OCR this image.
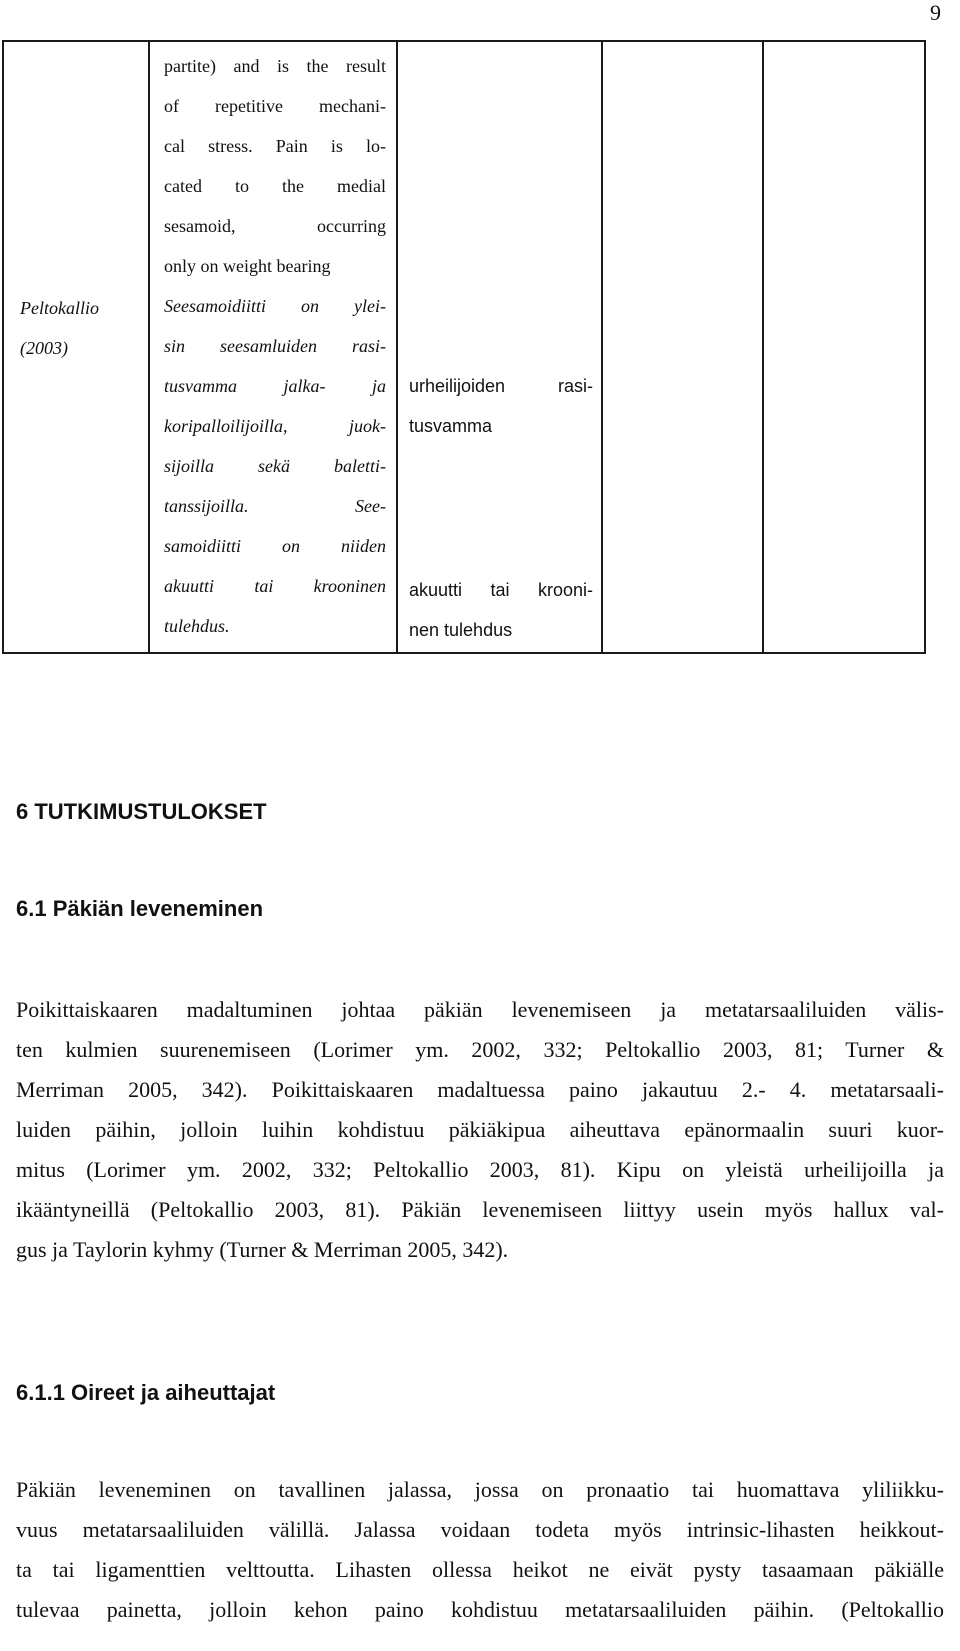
9
Peltokallio
(2003)
partite) and is the result
of repetitive mechani-
cal stress. Pain is lo-
cated to the medial
sesamoid, occurring
only on weight bearing
Seesamoidiitti on ylei-
sin seesamluiden rasi-
tusvamma jalka- ja
koripalloilijoilla, juok-
sijoilla sekä baletti-
tanssijoilla. See-
samoidiitti on niiden
akuutti tai krooninen
tulehdus.
urheilijoiden rasi-
tusvamma
akuutti tai krooni-
nen tulehdus
6 TUTKIMUSTULOKSET
6.1 Päkiän leveneminen
Poikittaiskaaren madaltuminen johtaa päkiän levenemiseen ja metatarsaaliluiden välis-
ten kulmien suurenemiseen (Lorimer ym. 2002, 332; Peltokallio 2003, 81; Turner &
Merriman 2005, 342). Poikittaiskaaren madaltuessa paino jakautuu 2.- 4. metatarsaali-
luiden päihin, jolloin luihin kohdistuu päkiäkipua aiheuttava epänormaalin suuri kuor-
mitus (Lorimer ym. 2002, 332; Peltokallio 2003, 81). Kipu on yleistä urheilijoilla ja
ikääntyneillä (Peltokallio 2003, 81). Päkiän levenemiseen liittyy usein myös hallux val-
gus ja Taylorin kyhmy (Turner & Merriman 2005, 342).
6.1.1 Oireet ja aiheuttajat
Päkiän leveneminen on tavallinen jalassa, jossa on pronaatio tai huomattava yliliikku-
vuus metatarsaaliluiden välillä. Jalassa voidaan todeta myös intrinsic-lihasten heikkout-
ta tai ligamenttien velttoutta. Lihasten ollessa heikot ne eivät pysty tasaamaan päkiälle
tulevaa painetta, jolloin kehon paino kohdistuu metatarsaaliluiden päihin. (Peltokallio
